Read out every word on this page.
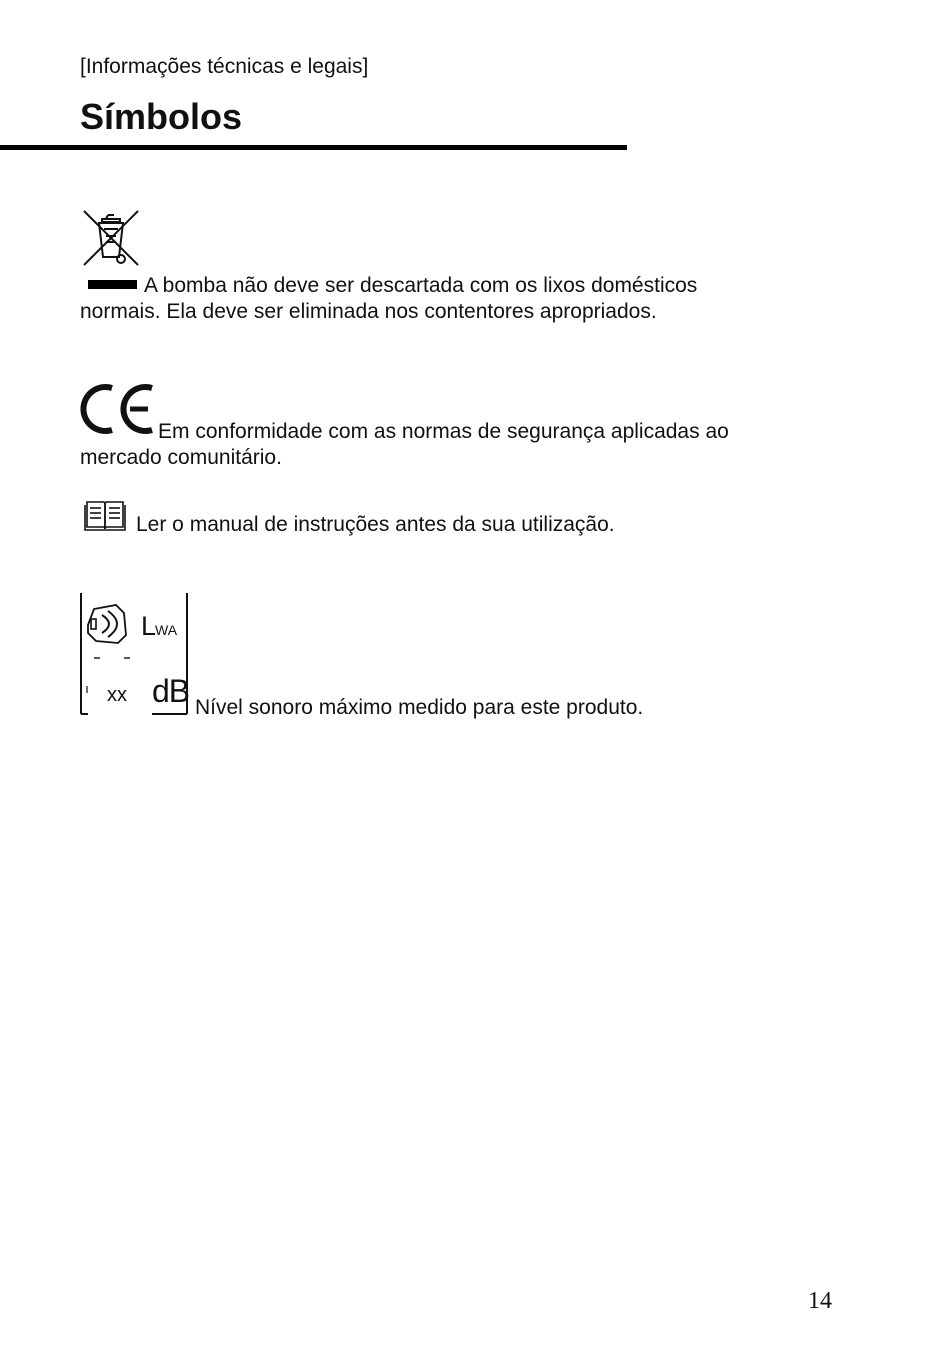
[Informações técnicas e legais]
Símbolos
A bomba não deve ser descartada com os lixos domésticos
normais. Ela deve ser eliminada nos contentores apropriados.
Em conformidade com as normas de segurança aplicadas ao
mercado comunitário.
Ler o manual de instruções antes da sua utilização.
LWA
xx dB Nível sonoro máximo medido para este produto.
14
